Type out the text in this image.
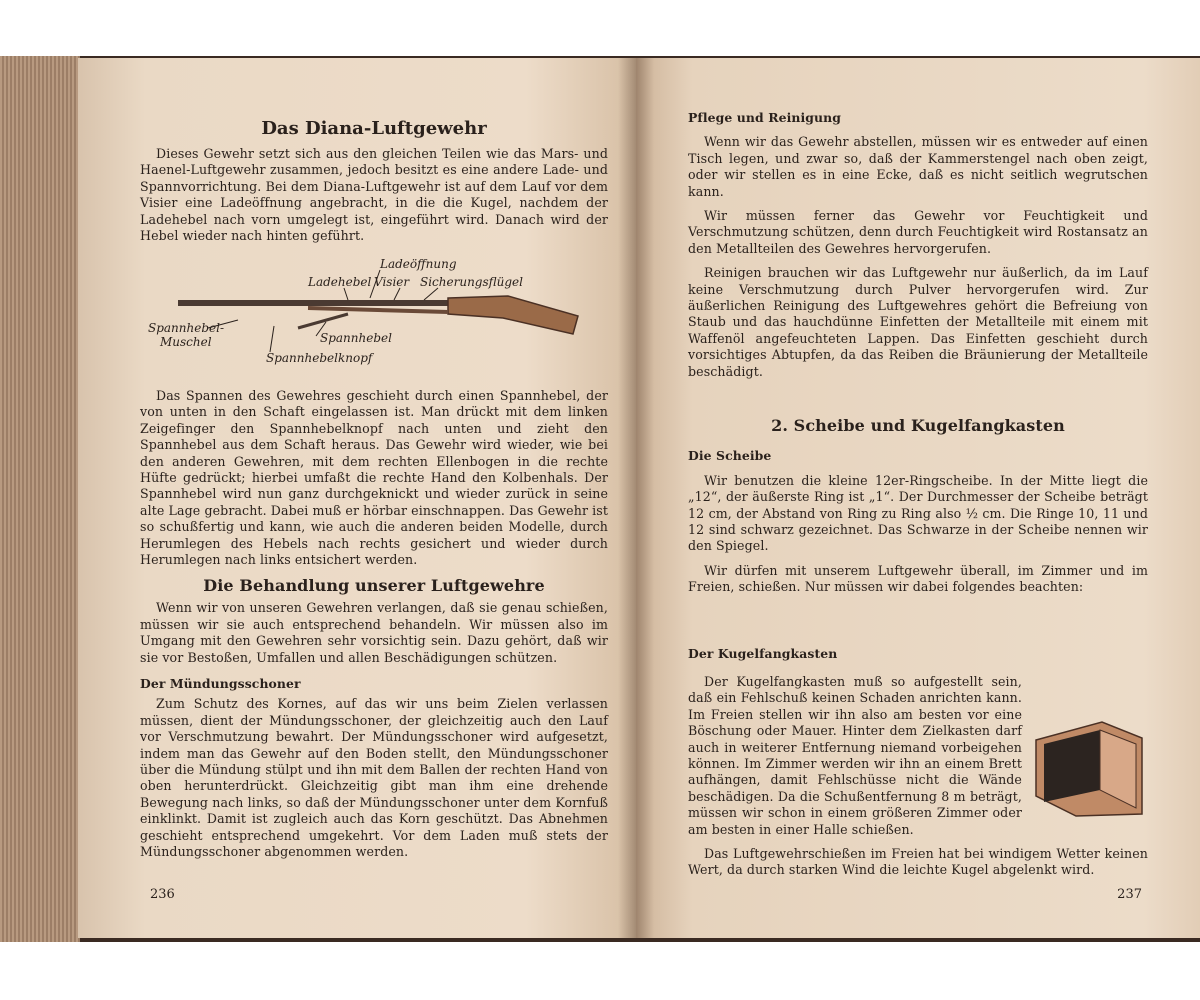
Das Diana-Luftgewehr

Dieses Gewehr setzt sich aus den gleichen Teilen wie das Mars- und Haenel-Luftgewehr zusammen, jedoch besitzt es eine andere Lade- und Spannvorrichtung. Bei dem Diana-Luftgewehr ist auf dem Lauf vor dem Visier eine Ladeöffnung angebracht, in die die Kugel, nachdem der Ladehebel nach vorn umgelegt ist, eingeführt wird. Danach wird der Hebel wieder nach hinten geführt.

Ladeöffnung
Ladehebel Visier Sicherungsflügel
Spannhebel-
Muschel	Spannhebel
Spannhebelknopf

Das Spannen des Gewehres geschieht durch einen Spannhebel, der von unten in den Schaft eingelassen ist. Man drückt mit dem linken Zeigefinger den Spannhebelknopf nach unten und zieht den Spannhebel aus dem Schaft heraus. Das Gewehr wird wieder, wie bei den anderen Gewehren, mit dem rechten Ellenbogen in die rechte Hüfte gedrückt; hierbei umfaßt die rechte Hand den Kolbenhals. Der Spannhebel wird nun ganz durchgeknickt und wieder zurück in seine alte Lage gebracht. Dabei muß er hörbar einschnappen. Das Gewehr ist so schußfertig und kann, wie auch die anderen beiden Modelle, durch Herumlegen des Hebels nach rechts gesichert und wieder durch Herumlegen nach links entsichert werden.

Die Behandlung unserer Luftgewehre

Wenn wir von unseren Gewehren verlangen, daß sie genau schießen, müssen wir sie auch entsprechend behandeln. Wir müssen also im Umgang mit den Gewehren sehr vorsichtig sein. Dazu gehört, daß wir sie vor Bestoßen, Umfallen und allen Beschädigungen schützen.

Der Mündungsschoner

Zum Schutz des Kornes, auf das wir uns beim Zielen verlassen müssen, dient der Mündungsschoner, der gleichzeitig auch den Lauf vor Verschmutzung bewahrt. Der Mündungsschoner wird aufgesetzt, indem man das Gewehr auf den Boden stellt, den Mündungsschoner über die Mündung stülpt und ihn mit dem Ballen der rechten Hand von oben herunterdrückt. Gleichzeitig gibt man ihm eine drehende Bewegung nach links, so daß der Mündungsschoner unter dem Kornfuß einklinkt. Damit ist zugleich auch das Korn geschützt. Das Abnehmen geschieht entsprechend umgekehrt. Vor dem Laden muß stets der Mündungsschoner abgenommen werden.

236
Pflege und Reinigung

Wenn wir das Gewehr abstellen, müssen wir es entweder auf einen Tisch legen, und zwar so, daß der Kammerstengel nach oben zeigt, oder wir stellen es in eine Ecke, daß es nicht seitlich wegrutschen kann.

Wir müssen ferner das Gewehr vor Feuchtigkeit und Verschmutzung schützen, denn durch Feuchtigkeit wird Rostansatz an den Metallteilen des Gewehres hervorgerufen.

Reinigen brauchen wir das Luftgewehr nur äußerlich, da im Lauf keine Verschmutzung durch Pulver hervorgerufen wird. Zur äußerlichen Reinigung des Luftgewehres gehört die Befreiung von Staub und das hauchdünne Einfetten der Metallteile mit einem mit Waffenöl angefeuchteten Lappen. Das Einfetten geschieht durch vorsichtiges Abtupfen, da das Reiben die Bräunierung der Metallteile beschädigt.

2. Scheibe und Kugelfangkasten
Die Scheibe

Wir benutzen die kleine 12er-Ringscheibe. In der Mitte liegt die „12“, der äußerste Ring ist „1“. Der Durchmesser der Scheibe beträgt 12 cm, der Abstand von Ring zu Ring also ½ cm. Die Ringe 10, 11 und 12 sind schwarz gezeichnet. Das Schwarze in der Scheibe nennen wir den Spiegel.

Wir dürfen mit unserem Luftgewehr überall, im Zimmer und im Freien, schießen. Nur müssen wir dabei folgendes beachten:

Der Kugelfangkasten

Der Kugelfangkasten muß so aufgestellt sein, daß ein Fehlschuß keinen Schaden anrichten kann. Im Freien stellen wir ihn also am besten vor eine Böschung oder Mauer. Hinter dem Zielkasten darf auch in weiterer Entfernung niemand vorbeigehen können. Im Zimmer werden wir ihn an einem Brett aufhängen, damit Fehlschüsse nicht die Wände beschädigen. Da die Schußentfernung 8 m beträgt, müssen wir schon in einem größeren Zimmer oder am besten in einer Halle schießen.

Das Luftgewehrschießen im Freien hat bei windigem Wetter keinen Wert, da durch starken Wind die leichte Kugel abgelenkt wird.

237
